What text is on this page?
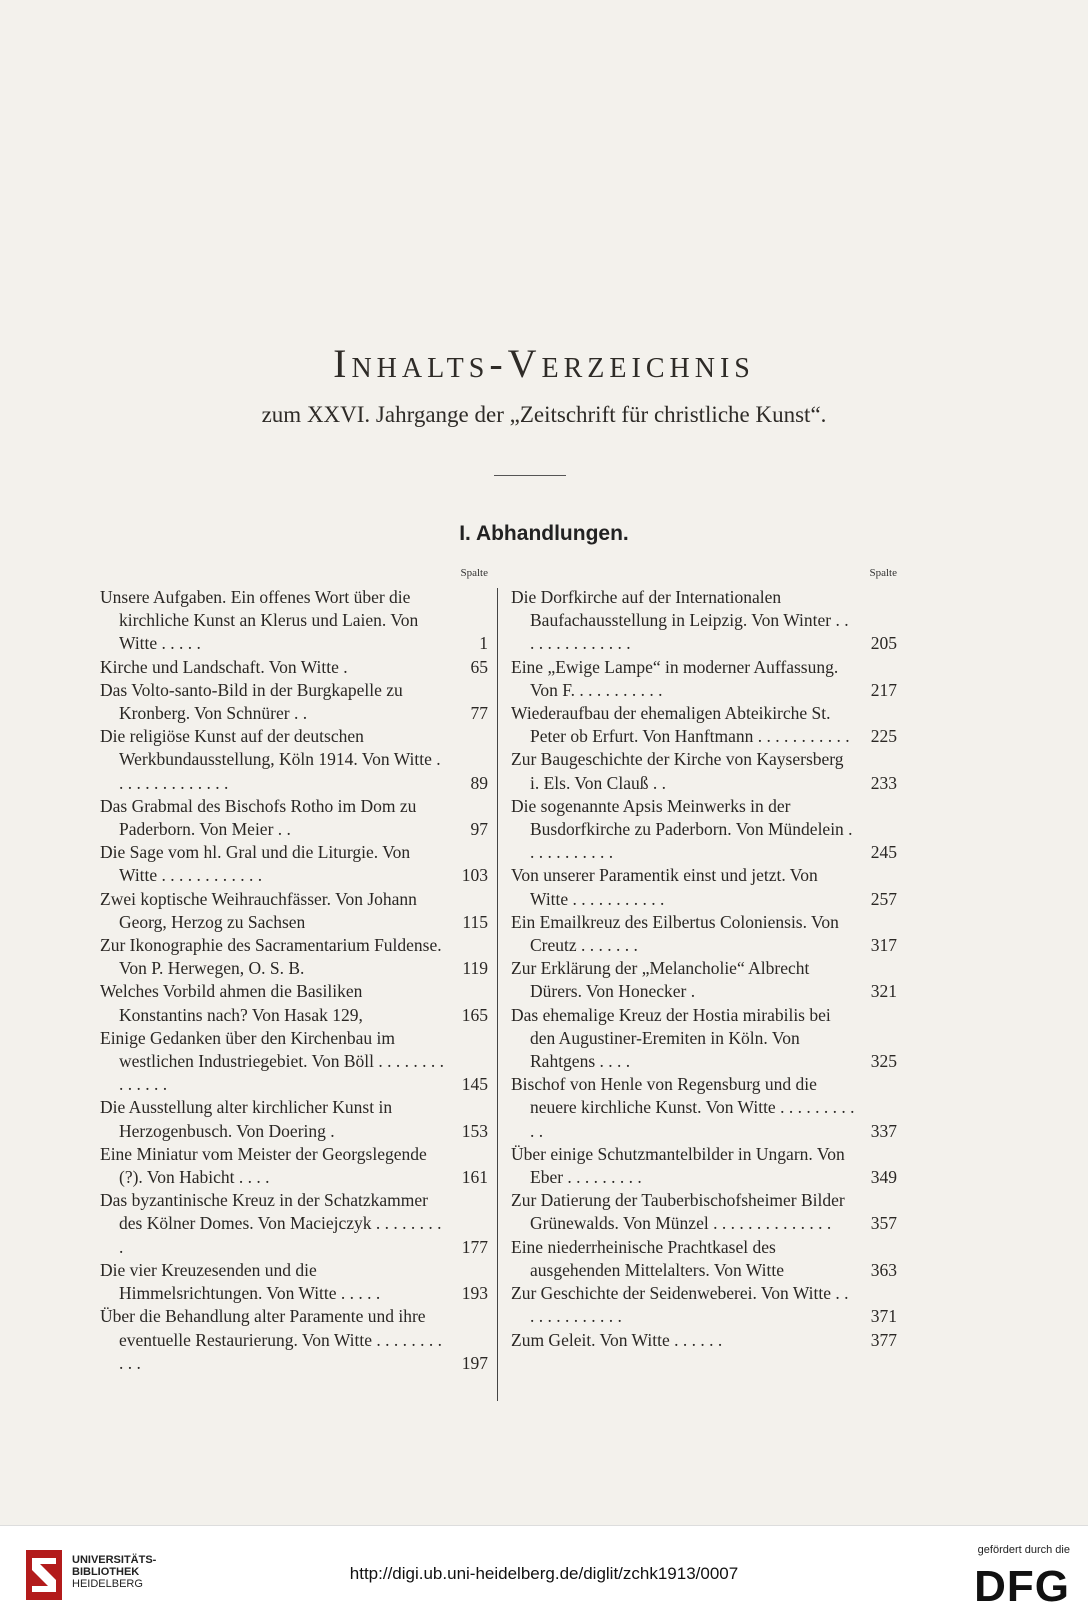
Inhalts-Verzeichnis
zum XXVI. Jahrgange der „Zeitschrift für christliche Kunst“.
I. Abhandlungen.
Spalte
Unsere Aufgaben. Ein offenes Wort über die kirchliche Kunst an Klerus und Laien. Von Witte . . . . .	1
Kirche und Landschaft. Von Witte .	65
Das Volto-santo-Bild in der Burgkapelle zu Kronberg. Von Schnürer . .	77
Die religiöse Kunst auf der deutschen Werkbundausstellung, Köln 1914. Von Witte . . . . . . . . . . . . . .	89
Das Grabmal des Bischofs Rotho im Dom zu Paderborn. Von Meier . .	97
Die Sage vom hl. Gral und die Liturgie. Von Witte . . . . . . . . . . . .	103
Zwei koptische Weihrauchfässer. Von Johann Georg, Herzog zu Sachsen	115
Zur Ikonographie des Sacramentarium Fuldense. Von P. Herwegen, O. S. B.	119
Welches Vorbild ahmen die Basiliken Konstantins nach? Von Hasak 129,	165
Einige Gedanken über den Kirchenbau im westlichen Industriegebiet. Von Böll . . . . . . . . . . . . . .	145
Die Ausstellung alter kirchlicher Kunst in Herzogenbusch. Von Doering .	153
Eine Miniatur vom Meister der Georgslegende (?). Von Habicht . . . .	161
Das byzantinische Kreuz in der Schatzkammer des Kölner Domes. Von Maciejczyk . . . . . . . . .	177
Die vier Kreuzesenden und die Himmelsrichtungen. Von Witte . . . . .	193
Über die Behandlung alter Paramente und ihre eventuelle Restaurierung. Von Witte . . . . . . . . . . .	197
Spalte
Die Dorfkirche auf der Internationalen Baufachausstellung in Leipzig. Von Winter . . . . . . . . . . . . . .	205
Eine „Ewige Lampe“ in moderner Auffassung. Von F. . . . . . . . . . .	217
Wiederaufbau der ehemaligen Abteikirche St. Peter ob Erfurt. Von Hanftmann . . . . . . . . . . .	225
Zur Baugeschichte der Kirche von Kaysersberg i. Els. Von Clauß . .	233
Die sogenannte Apsis Meinwerks in der Busdorfkirche zu Paderborn. Von Mündelein . . . . . . . . . . .	245
Von unserer Paramentik einst und jetzt. Von Witte . . . . . . . . . . .	257
Ein Emailkreuz des Eilbertus Coloniensis. Von Creutz . . . . . . .	317
Zur Erklärung der „Melancholie“ Albrecht Dürers. Von Honecker .	321
Das ehemalige Kreuz der Hostia mirabilis bei den Augustiner-Eremiten in Köln. Von Rahtgens . . . .	325
Bischof von Henle von Regensburg und die neuere kirchliche Kunst. Von Witte . . . . . . . . . . .	337
Über einige Schutzmantelbilder in Ungarn. Von Eber . . . . . . . . .	349
Zur Datierung der Tauberbischofsheimer Bilder Grünewalds. Von Münzel . . . . . . . . . . . . . .	357
Eine niederrheinische Prachtkasel des ausgehenden Mittelalters. Von Witte	363
Zur Geschichte der Seidenweberei. Von Witte . . . . . . . . . . . . .	371
Zum Geleit. Von Witte . . . . . .	377
UNIVERSITÄTS-
BIBLIOTHEK
HEIDELBERG
http://digi.ub.uni-heidelberg.de/diglit/zchk1913/0007
gefördert durch die
DFG
